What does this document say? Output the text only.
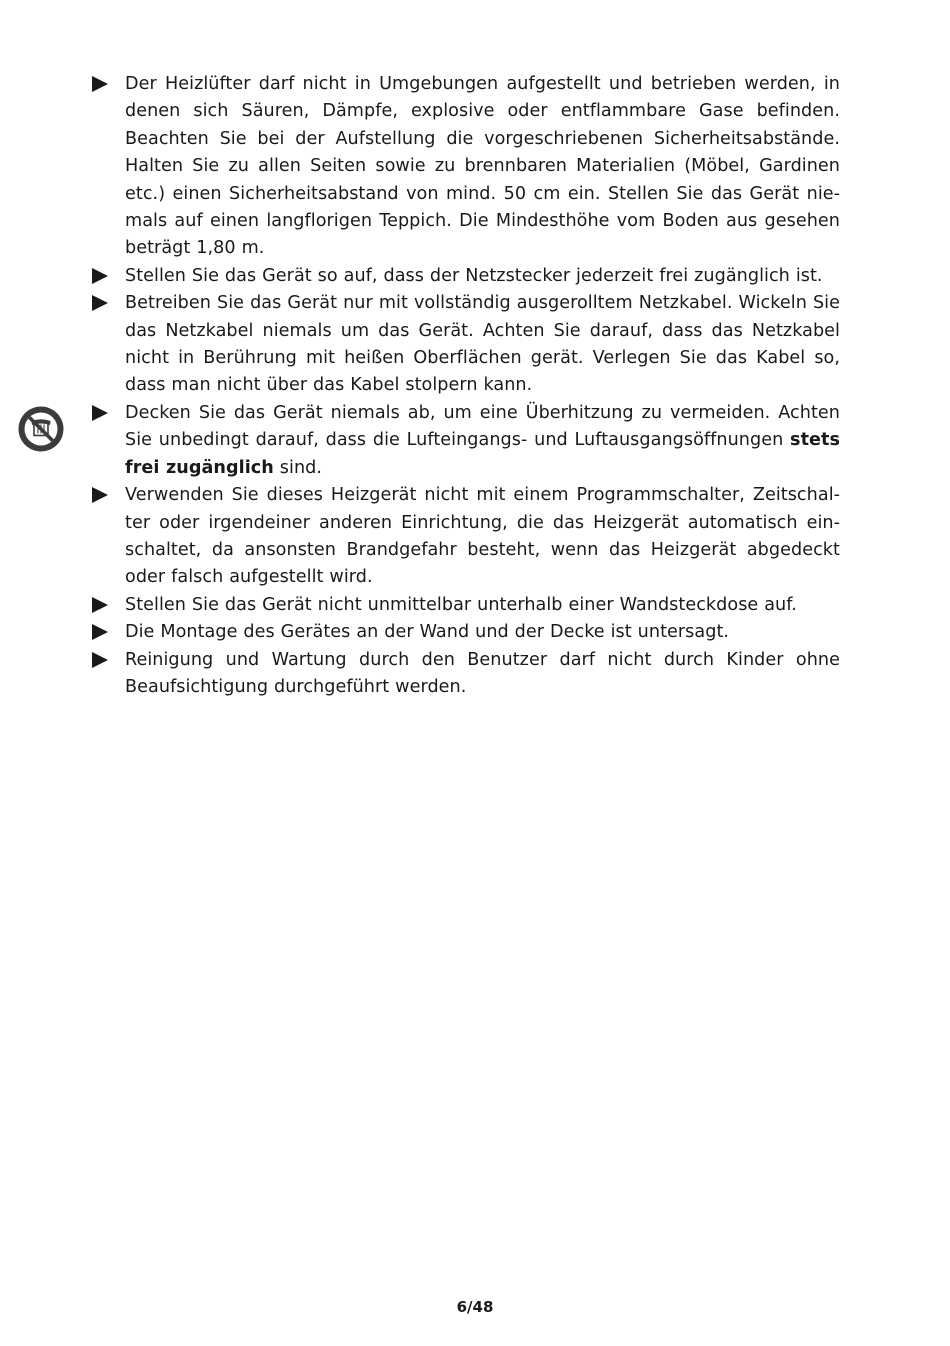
Der Heizlüfter darf nicht in Umgebungen aufgestellt und betrieben werden, in denen sich Säuren, Dämpfe, explosive oder entflammbare Gase befinden. Beachten Sie bei der Aufstellung die vorgeschriebenen Sicherheitsabstände. Halten Sie zu allen Seiten sowie zu brennbaren Materialien (Möbel, Gardinen etc.) einen Sicherheitsabstand von mind. 50 cm ein. Stellen Sie das Gerät niemals auf einen langflorigen Teppich. Die Mindesthöhe vom Boden aus gesehen beträgt 1,80 m.
Stellen Sie das Gerät so auf, dass der Netzstecker jederzeit frei zugänglich ist.
Betreiben Sie das Gerät nur mit vollständig ausgerolltem Netzkabel. Wickeln Sie das Netzkabel niemals um das Gerät. Achten Sie darauf, dass das Netzkabel nicht in Berührung mit heißen Oberflächen gerät. Verlegen Sie das Kabel so, dass man nicht über das Kabel stolpern kann.
Decken Sie das Gerät niemals ab, um eine Überhitzung zu vermeiden. Achten Sie unbedingt darauf, dass die Lufteingangs- und Luftausgangsöffnungen stets frei zugänglich sind.
Verwenden Sie dieses Heizgerät nicht mit einem Programmschalter, Zeitschalter oder irgendeiner anderen Einrichtung, die das Heizgerät automatisch einschaltet, da ansonsten Brandgefahr besteht, wenn das Heizgerät abgedeckt oder falsch aufgestellt wird.
Stellen Sie das Gerät nicht unmittelbar unterhalb einer Wandsteckdose auf.
Die Montage des Gerätes an der Wand und der Decke ist untersagt.
Reinigung und Wartung durch den Benutzer darf nicht durch Kinder ohne Beaufsichtigung durchgeführt werden.
6/48
